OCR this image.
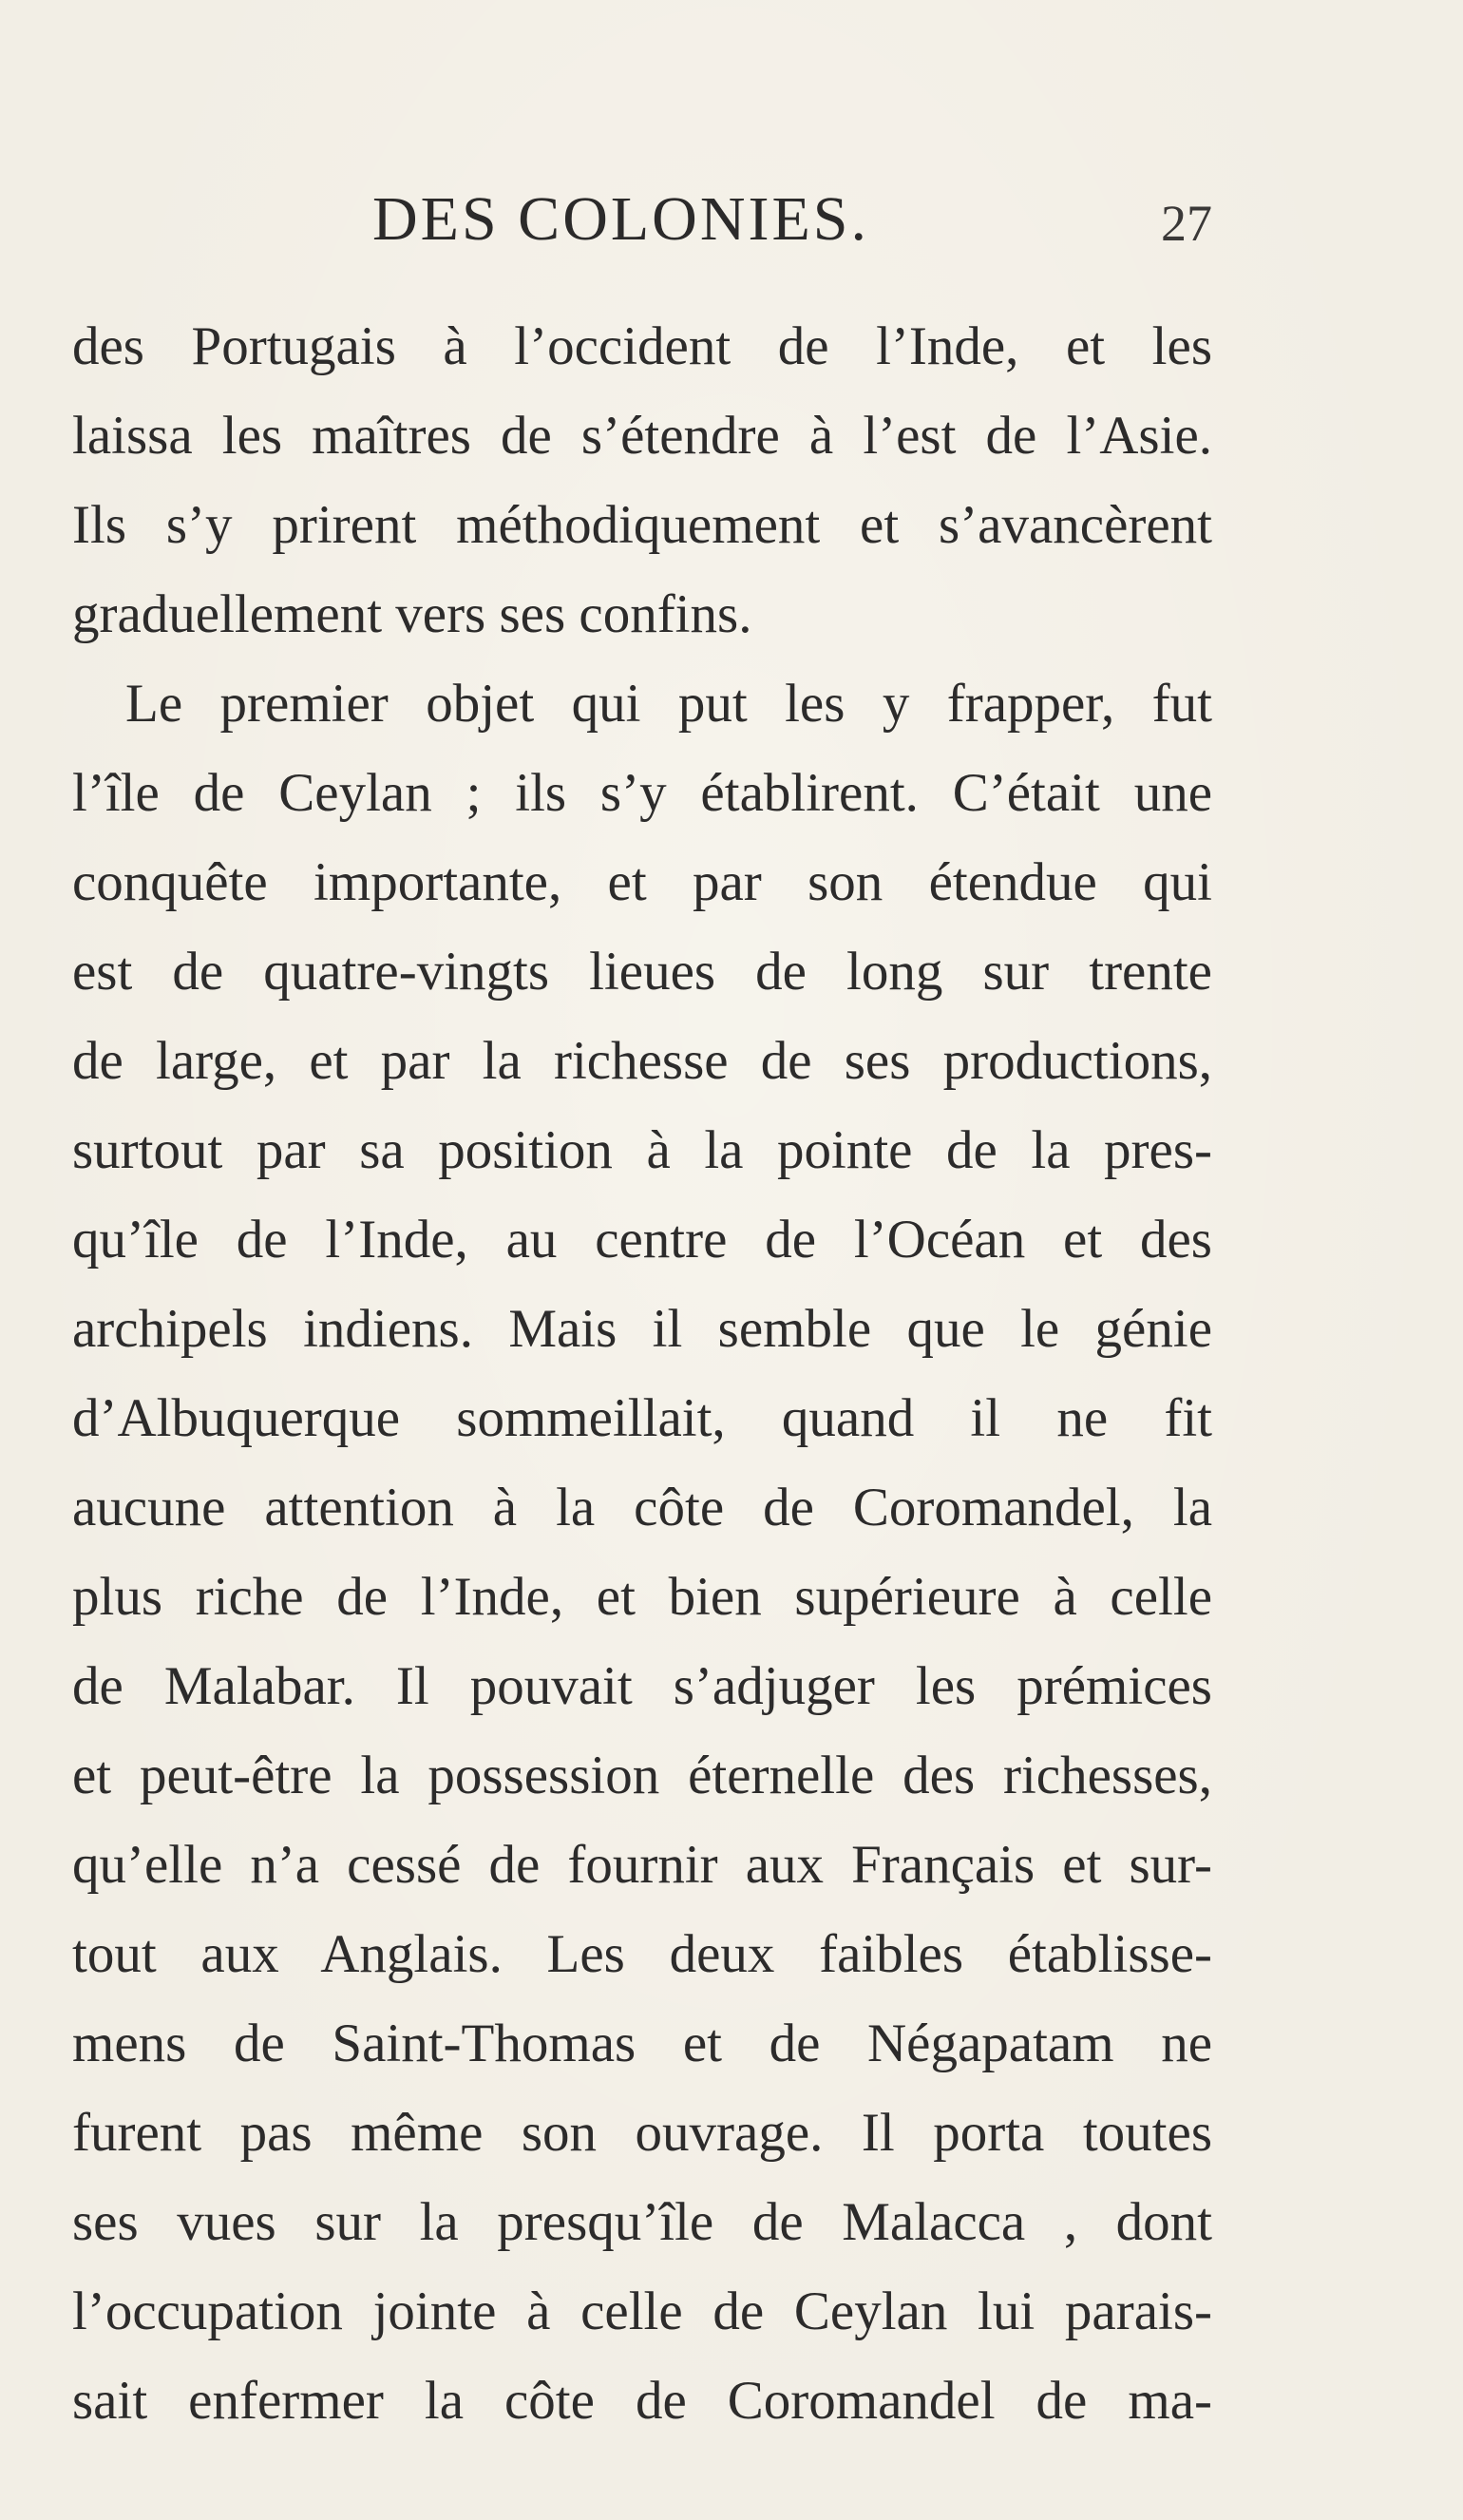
DES COLONIES.	27
des Portugais à l’occident de l’Inde, et les
laissa les maîtres de s’étendre à l’est de l’Asie.
Ils s’y prirent méthodiquement et s’avancèrent
graduellement vers ses confins.
Le premier objet qui put les y frapper, fut
l’île de Ceylan ; ils s’y établirent. C’était une
conquête importante, et par son étendue qui
est de quatre-vingts lieues de long sur trente
de large, et par la richesse de ses productions,
surtout par sa position à la pointe de la pres-
qu’île de l’Inde, au centre de l’Océan et des
archipels indiens. Mais il semble que le génie
d’Albuquerque sommeillait, quand il ne fit
aucune attention à la côte de Coromandel, la
plus riche de l’Inde, et bien supérieure à celle
de Malabar. Il pouvait s’adjuger les prémices
et peut-être la possession éternelle des richesses,
qu’elle n’a cessé de fournir aux Français et sur-
tout aux Anglais. Les deux faibles établisse-
mens de Saint-Thomas et de Négapatam ne
furent pas même son ouvrage. Il porta toutes
ses vues sur la presqu’île de Malacca , dont
l’occupation jointe à celle de Ceylan lui parais-
sait enfermer la côte de Coromandel de ma-
